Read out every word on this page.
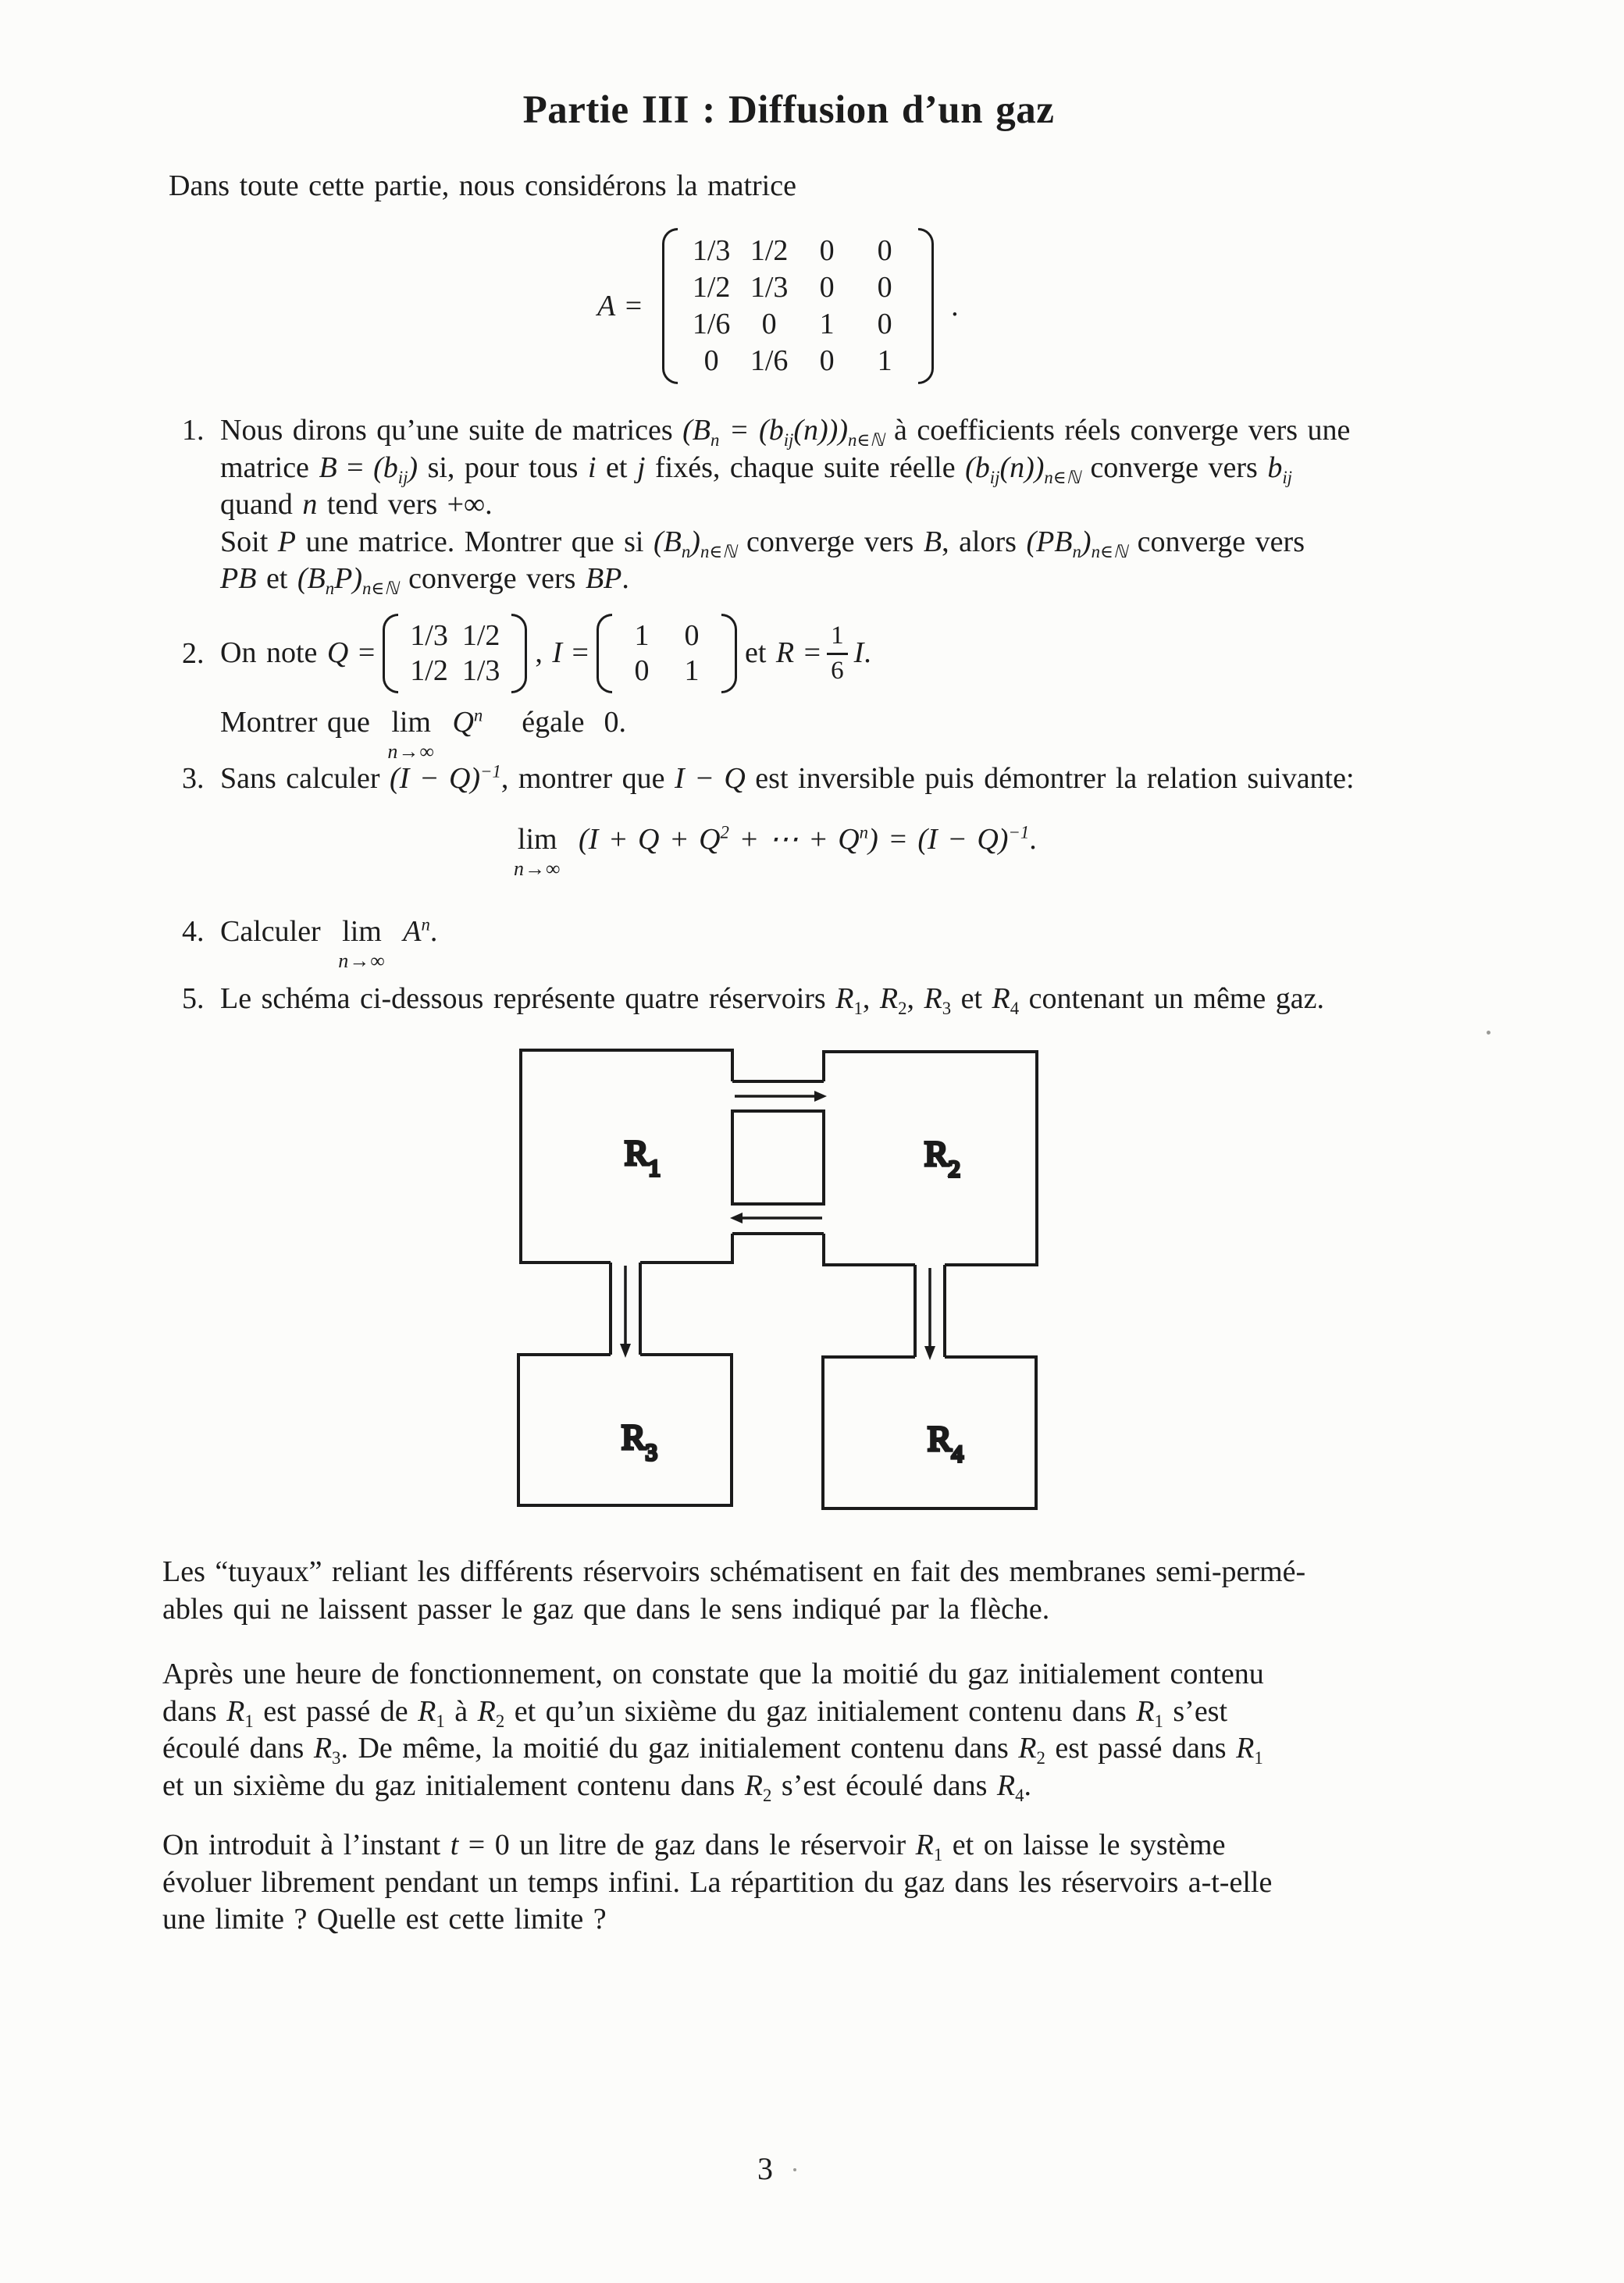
Partie III : Diffusion d’un gaz
Dans toute cette partie, nous considérons la matrice
A =
1/3 1/2	0	0
1/2 1/3	0	0
1/6	0	1	0
0	1/6	0	1
.
1. Nous dirons qu’une suite de matrices $(B_n = (b_{ij}(n)))_{n\in ℕ}$ à coefficients réels converge vers une
matrice $B = (b_{ij})$ si, pour tous i et j fixés, chaque suite réelle $(b_{ij}(n))_{n\in ℕ}$ converge vers $b_{ij}$
quand n tend vers +∞.
Soit P une matrice. Montrer que si $(B_n)_{n\in ℕ}$ converge vers B, alors $(PB_n)_{n\in ℕ}$ converge vers
PB et $(B_nP)_{n\in ℕ}$ converge vers BP.
2. On note Q =
1/3 1/2
1/2 1/3
, I =
1	0
0	1
et $R = \frac{1}{6} I$.
Montrer que lim
n→∞
$Q^n$    égale  0.
3. Sans calculer $(I - Q)^{-1}$, montrer que I − Q est inversible puis démontrer la relation suivante:
lim
n→∞
($I + Q + Q^2$ + ⋯ + $Q^n) = (I - Q)^{-1}$.
4. Calculer lim
n→∞
$A^n$.
5. Le schéma ci-dessous représente quatre réservoirs $R_1$, $R_2$, $R_3$ et $R_4$ contenant un même gaz.
$R_1$	$R_2$
$R_3$	$R_4$
Les “tuyaux” reliant les différents réservoirs schématisent en fait des membranes semi-permé-
ables qui ne laissent passer le gaz que dans le sens indiqué par la flèche.
Après une heure de fonctionnement, on constate que la moitié du gaz initialement contenu
dans $R_1$ est passé de $R_1$ à $R_2$ et qu’un sixième du gaz initialement contenu dans $R_1$ s’est
écoulé dans $R_3$. De même, la moitié du gaz initialement contenu dans $R_2$ est passé dans $R_1$
et un sixième du gaz initialement contenu dans $R_2$ s’est écoulé dans $R_4$.
On introduit à l’instant t = 0 un litre de gaz dans le réservoir $R_1$ et on laisse le système
évoluer librement pendant un temps infini. La répartition du gaz dans les réservoirs a-t-elle
une limite ? Quelle est cette limite ?
3
